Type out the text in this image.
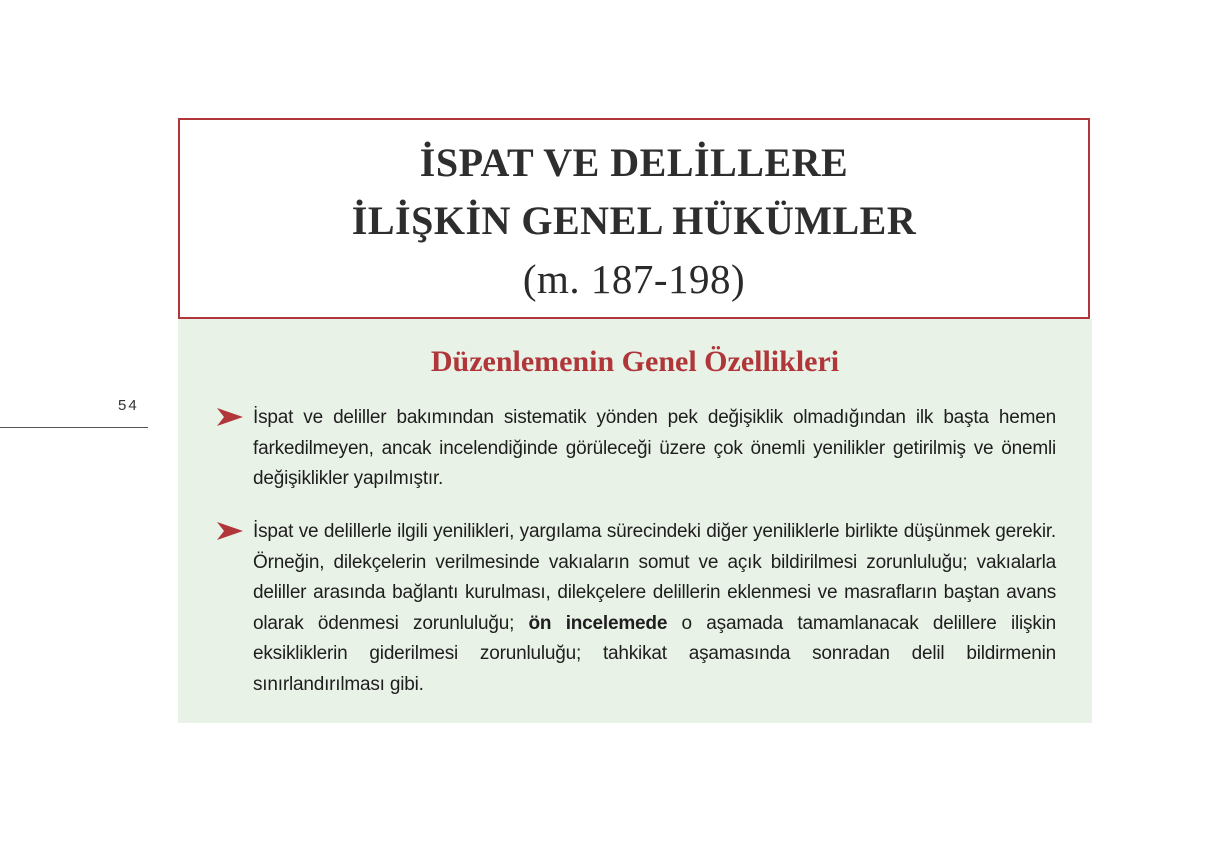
54
İSPAT VE DELİLLERE
İLİŞKİN GENEL HÜKÜMLER
(m. 187-198)
Düzenlemenin Genel Özellikleri
İspat ve deliller bakımından sistematik yönden pek değişiklik olmadığından ilk başta hemen farkedilmeyen, ancak incelendiğinde görüleceği üzere çok önemli yenilikler getirilmiş ve önemli değişiklikler yapılmıştır.
İspat ve delillerle ilgili yenilikleri, yargılama sürecindeki diğer yeniliklerle birlikte düşünmek gerekir. Örneğin, dilekçelerin verilmesinde vakıaların somut ve açık bildirilmesi zorunluluğu; vakıalarla deliller arasında bağlantı kurulması, dilekçelere delillerin eklenmesi ve masrafların baştan avans olarak ödenmesi zorunluluğu; ön incelemede o aşamada tamamlanacak delillere ilişkin eksikliklerin giderilmesi zorunluluğu; tahkikat aşamasında sonradan delil bildirmenin sınırlandırılması gibi.
